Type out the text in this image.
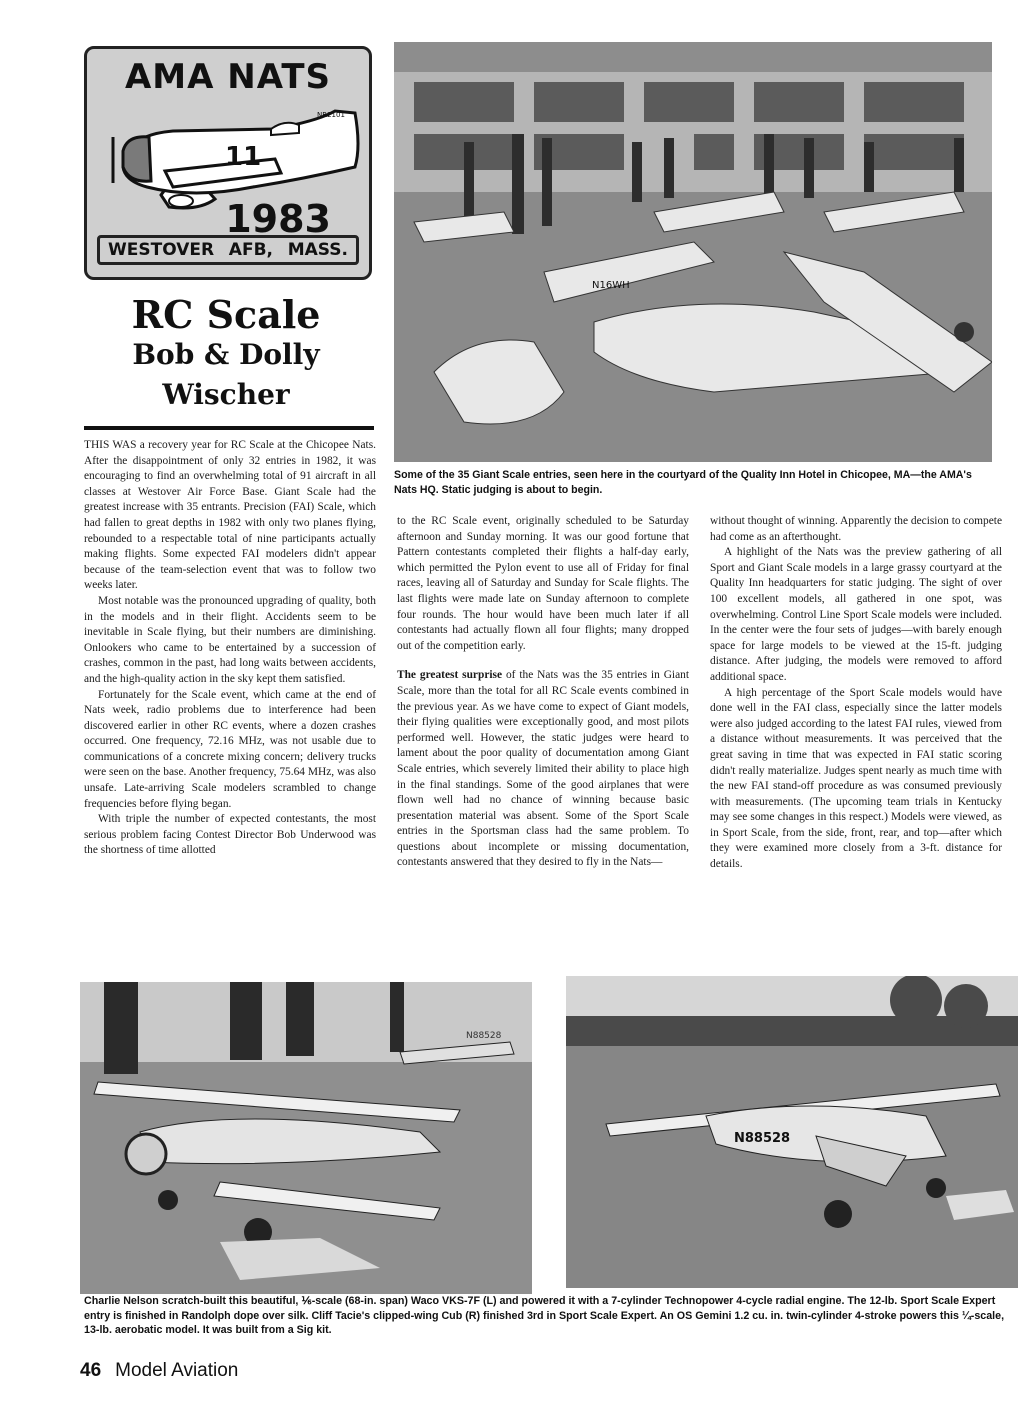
AMA NATS
11
NR2101
1983
WESTOVER AFB, MASS.
RC Scale
Bob & Dolly
Wischer
N16WH
Some of the 35 Giant Scale entries, seen here in the courtyard of the Quality Inn Hotel in Chicopee, MA—the AMA's Nats HQ. Static judging is about to begin.

THIS WAS a recovery year for RC Scale at the Chicopee Nats. After the disappointment of only 32 entries in 1982, it was encouraging to find an overwhelming total of 91 aircraft in all classes at Westover Air Force Base. Giant Scale had the greatest increase with 35 entrants. Precision (FAI) Scale, which had fallen to great depths in 1982 with only two planes flying, rebounded to a respectable total of nine participants actually making flights. Some expected FAI modelers didn't appear because of the team-selection event that was to follow two weeks later.

Most notable was the pronounced upgrading of quality, both in the models and in their flight. Accidents seem to be inevitable in Scale flying, but their numbers are diminishing. Onlookers who came to be entertained by a succession of crashes, common in the past, had long waits between accidents, and the high-quality action in the sky kept them satisfied.

Fortunately for the Scale event, which came at the end of Nats week, radio problems due to interference had been discovered earlier in other RC events, where a dozen crashes occurred. One frequency, 72.16 MHz, was not usable due to communications of a concrete mixing concern; delivery trucks were seen on the base. Another frequency, 75.64 MHz, was also unsafe. Late-arriving Scale modelers scrambled to change frequencies before flying began.

With triple the number of expected contestants, the most serious problem facing Contest Director Bob Underwood was the shortness of time allotted

to the RC Scale event, originally scheduled to be Saturday afternoon and Sunday morning. It was our good fortune that Pattern contestants completed their flights a half-day early, which permitted the Pylon event to use all of Friday for final races, leaving all of Saturday and Sunday for Scale flights. The last flights were made late on Sunday afternoon to complete four rounds. The hour would have been much later if all contestants had actually flown all four flights; many dropped out of the competition early.

The greatest surprise of the Nats was the 35 entries in Giant Scale, more than the total for all RC Scale events combined in the previous year. As we have come to expect of Giant models, their flying qualities were exceptionally good, and most pilots performed well. However, the static judges were heard to lament about the poor quality of documentation among Giant Scale entries, which severely limited their ability to place high in the final standings. Some of the good airplanes that were flown well had no chance of winning because basic presentation material was absent. Some of the Sport Scale entries in the Sportsman class had the same problem. To questions about incomplete or missing documentation, contestants answered that they desired to fly in the Nats—

without thought of winning. Apparently the decision to compete had come as an afterthought.

A highlight of the Nats was the preview gathering of all Sport and Giant Scale models in a large grassy courtyard at the Quality Inn headquarters for static judging. The sight of over 100 excellent models, all gathered in one spot, was overwhelming. Control Line Sport Scale models were included. In the center were the four sets of judges—with barely enough space for large models to be viewed at the 15-ft. judging distance. After judging, the models were removed to afford additional space.

A high percentage of the Sport Scale models would have done well in the FAI class, especially since the latter models were also judged according to the latest FAI rules, viewed from a distance without measurements. It was perceived that the great saving in time that was expected in FAI static scoring didn't really materialize. Judges spent nearly as much time with the new FAI stand-off procedure as was consumed previously with measurements. (The upcoming team trials in Kentucky may see some changes in this respect.) Models were viewed, as in Sport Scale, from the side, front, rear, and top—after which they were examined more closely from a 3-ft. distance for details.

N88528
N88528
Charlie Nelson scratch-built this beautiful, ⅙-scale (68-in. span) Waco VKS-7F (L) and powered it with a 7-cylinder Technopower 4-cycle radial engine. The 12-lb. Sport Scale Expert entry is finished in Randolph dope over silk. Cliff Tacie's clipped-wing Cub (R) finished 3rd in Sport Scale Expert. An OS Gemini 1.2 cu. in. twin-cylinder 4-stroke powers this ¼-scale, 13-lb. aerobatic model. It was built from a Sig kit.
46 Model Aviation
